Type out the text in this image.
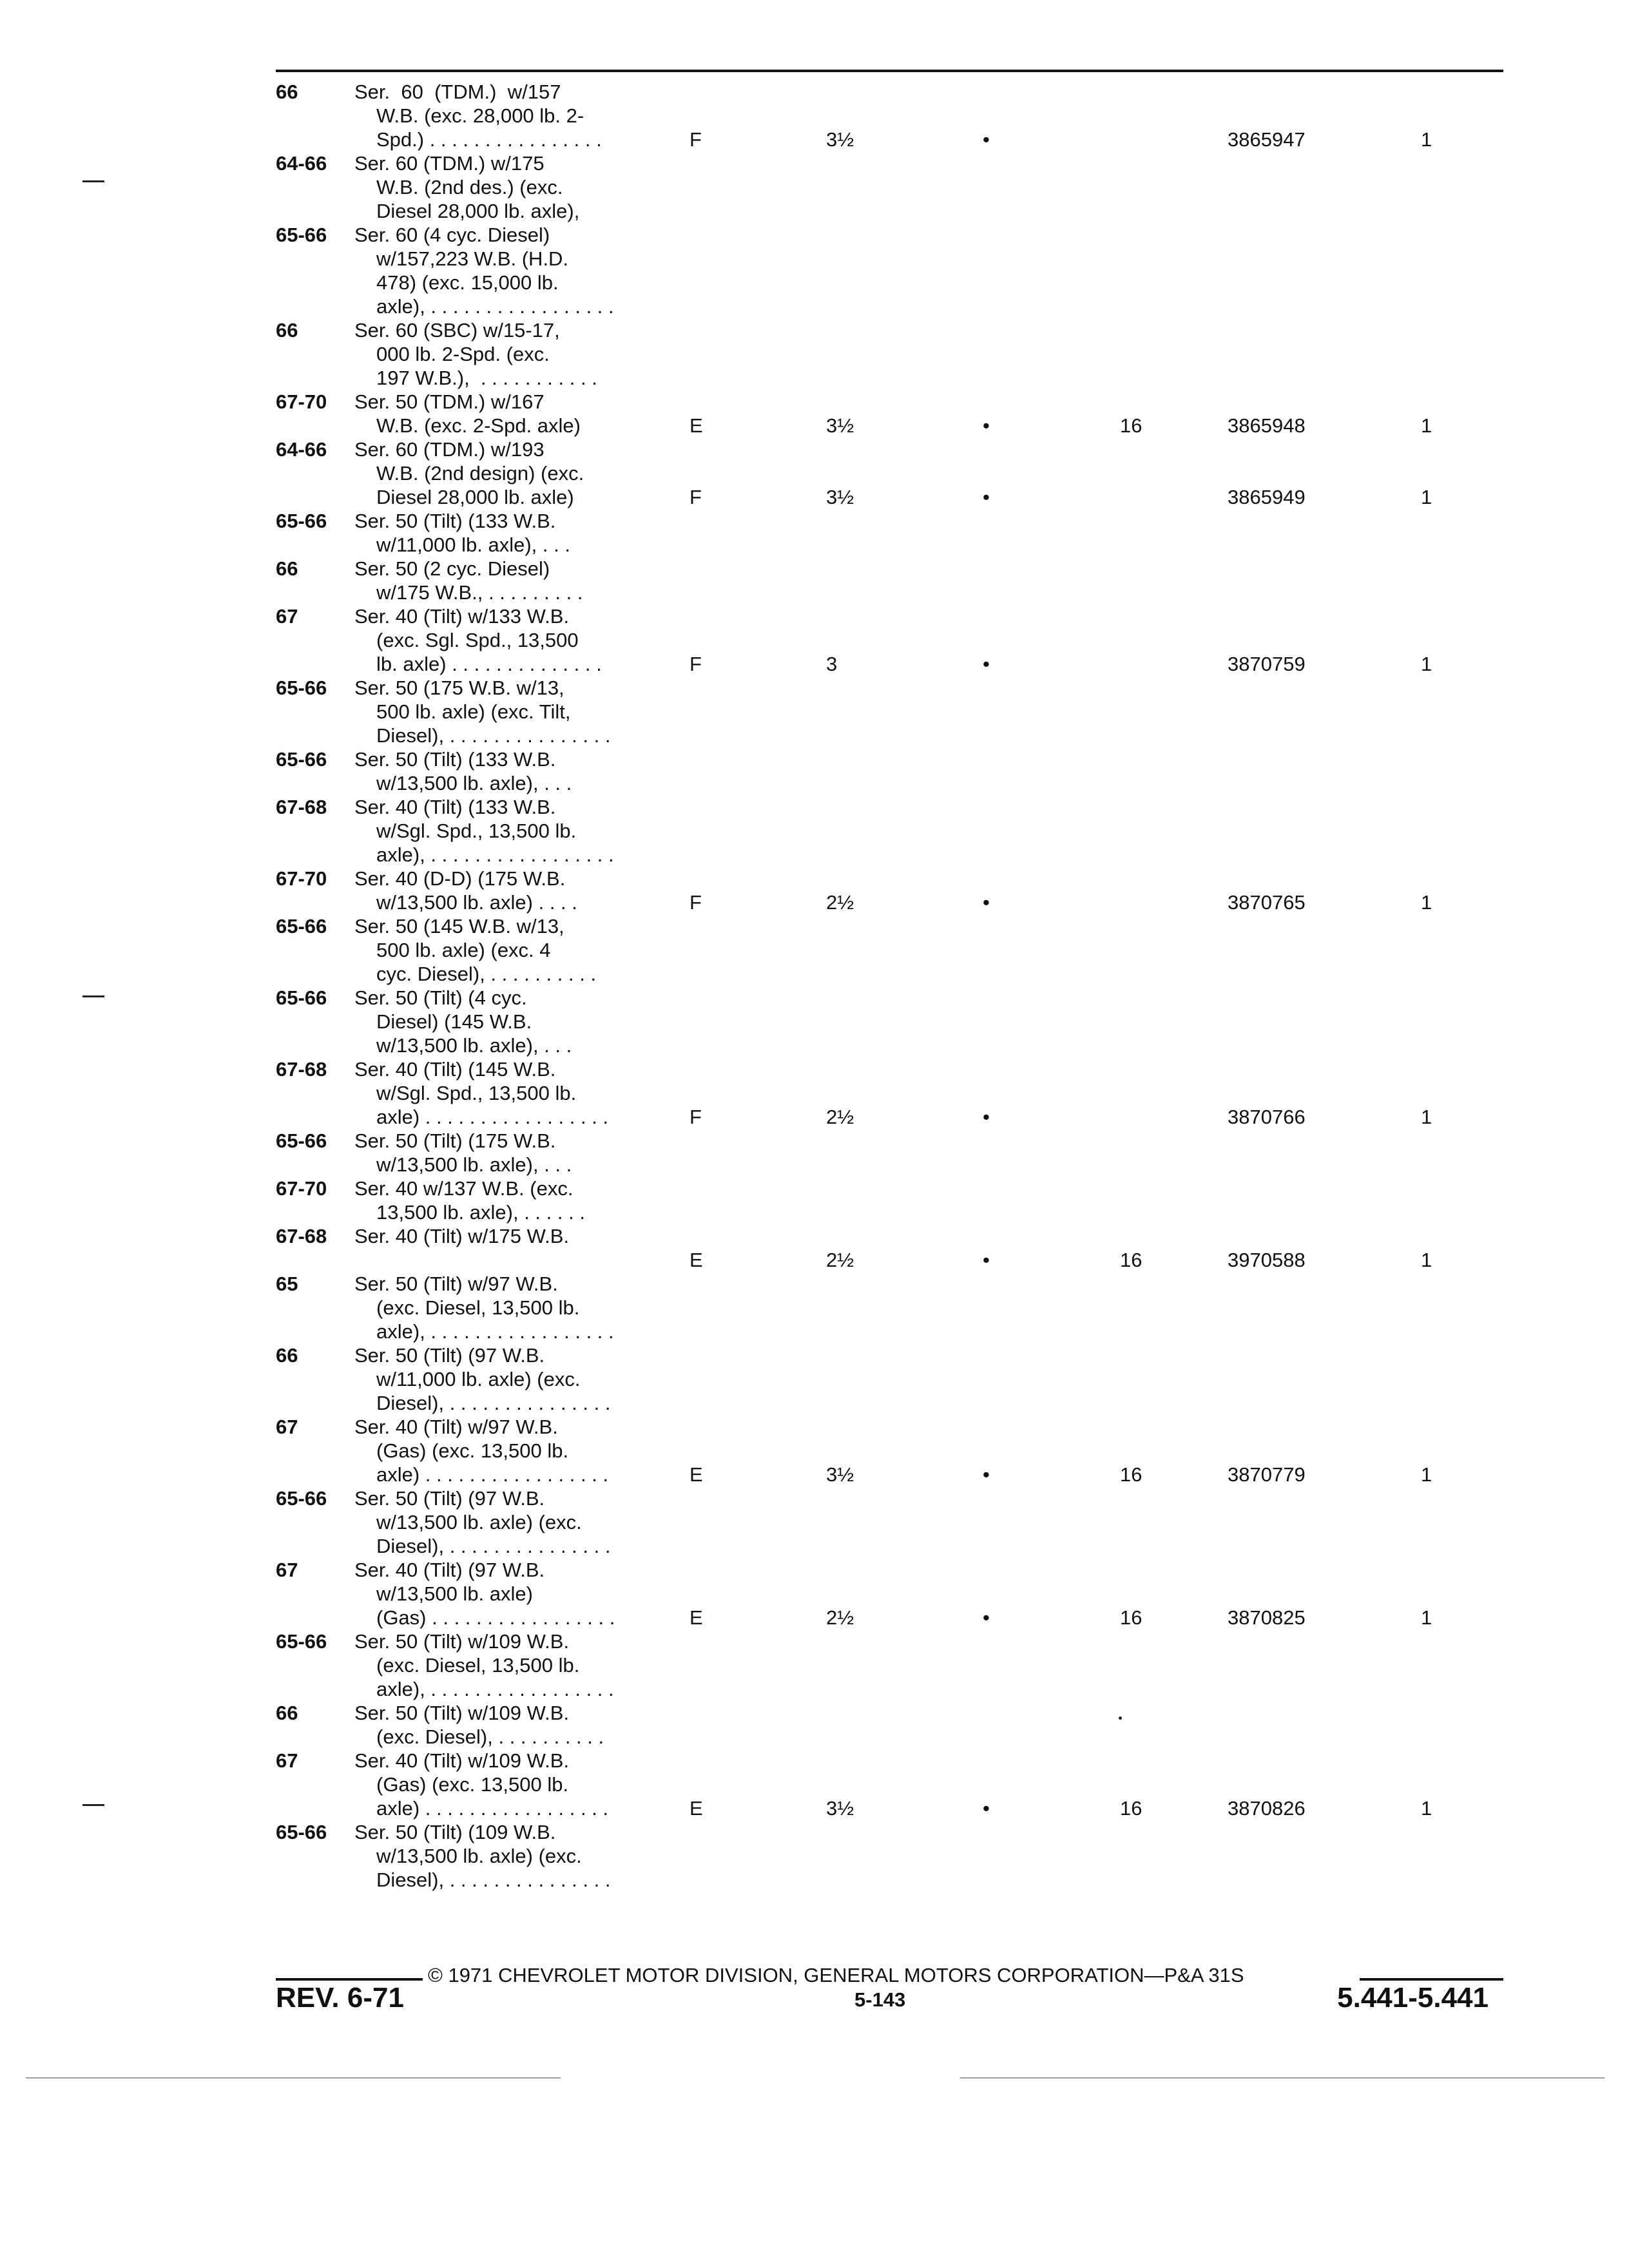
66	Ser.  60  (TDM.)  w/157
W.B. (exc. 28,000 lb. 2-
Spd.) . . . . . . . . . . . . . . . .	F	3½	•	3865947	1
64-66 Ser. 60 (TDM.) w/175
W.B. (2nd des.) (exc.
Diesel 28,000 lb. axle),
65-66 Ser. 60 (4 cyc. Diesel)
w/157,223 W.B. (H.D.
478) (exc. 15,000 lb.
axle), . . . . . . . . . . . . . . . . .
66	Ser. 60 (SBC) w/15-17,
000 lb. 2-Spd. (exc.
197 W.B.),  . . . . . . . . . . .
67-70 Ser. 50 (TDM.) w/167
W.B. (exc. 2-Spd. axle)	E	3½	•	16	3865948	1
64-66 Ser. 60 (TDM.) w/193
W.B. (2nd design) (exc.
Diesel 28,000 lb. axle)	F	3½	•	3865949	1
65-66 Ser. 50 (Tilt) (133 W.B.
w/11,000 lb. axle), . . .
66	Ser. 50 (2 cyc. Diesel)
w/175 W.B., . . . . . . . . .
67	Ser. 40 (Tilt) w/133 W.B.
(exc. Sgl. Spd., 13,500
lb. axle) . . . . . . . . . . . . . .	F	3	•	3870759	1
65-66 Ser. 50 (175 W.B. w/13,
500 lb. axle) (exc. Tilt,
Diesel), . . . . . . . . . . . . . . .
65-66 Ser. 50 (Tilt) (133 W.B.
w/13,500 lb. axle), . . .
67-68 Ser. 40 (Tilt) (133 W.B.
w/Sgl. Spd., 13,500 lb.
axle), . . . . . . . . . . . . . . . . .
67-70 Ser. 40 (D-D) (175 W.B.
w/13,500 lb. axle) . . . .	F	2½	•	3870765	1
65-66 Ser. 50 (145 W.B. w/13,
500 lb. axle) (exc. 4
cyc. Diesel), . . . . . . . . . .
65-66 Ser. 50 (Tilt) (4 cyc.
Diesel) (145 W.B.
w/13,500 lb. axle), . . .
67-68 Ser. 40 (Tilt) (145 W.B.
w/Sgl. Spd., 13,500 lb.
axle) . . . . . . . . . . . . . . . . .	F	2½	•	3870766	1
65-66 Ser. 50 (Tilt) (175 W.B.
w/13,500 lb. axle), . . .
67-70 Ser. 40 w/137 W.B. (exc.
13,500 lb. axle), . . . . . .
67-68 Ser. 40 (Tilt) w/175 W.B.
E	2½	•	16	3970588	1
65	Ser. 50 (Tilt) w/97 W.B.
(exc. Diesel, 13,500 lb.
axle), . . . . . . . . . . . . . . . . .
66	Ser. 50 (Tilt) (97 W.B.
w/11,000 lb. axle) (exc.
Diesel), . . . . . . . . . . . . . . .
67	Ser. 40 (Tilt) w/97 W.B.
(Gas) (exc. 13,500 lb.
axle) . . . . . . . . . . . . . . . . .	E	3½	•	16	3870779	1
65-66 Ser. 50 (Tilt) (97 W.B.
w/13,500 lb. axle) (exc.
Diesel), . . . . . . . . . . . . . . .
67	Ser. 40 (Tilt) (97 W.B.
w/13,500 lb. axle)
(Gas) . . . . . . . . . . . . . . . . .	E	2½	•	16	3870825	1
65-66 Ser. 50 (Tilt) w/109 W.B.
(exc. Diesel, 13,500 lb.
axle), . . . . . . . . . . . . . . . . .
66	Ser. 50 (Tilt) w/109 W.B.
(exc. Diesel), . . . . . . . . . .
67	Ser. 40 (Tilt) w/109 W.B.
(Gas) (exc. 13,500 lb.
axle) . . . . . . . . . . . . . . . . .	E	3½	•	16	3870826	1
65-66 Ser. 50 (Tilt) (109 W.B.
w/13,500 lb. axle) (exc.
Diesel), . . . . . . . . . . . . . . .
© 1971 CHEVROLET MOTOR DIVISION, GENERAL MOTORS CORPORATION—P&A 31S
REV. 6-71	5-143	5.441-5.441
